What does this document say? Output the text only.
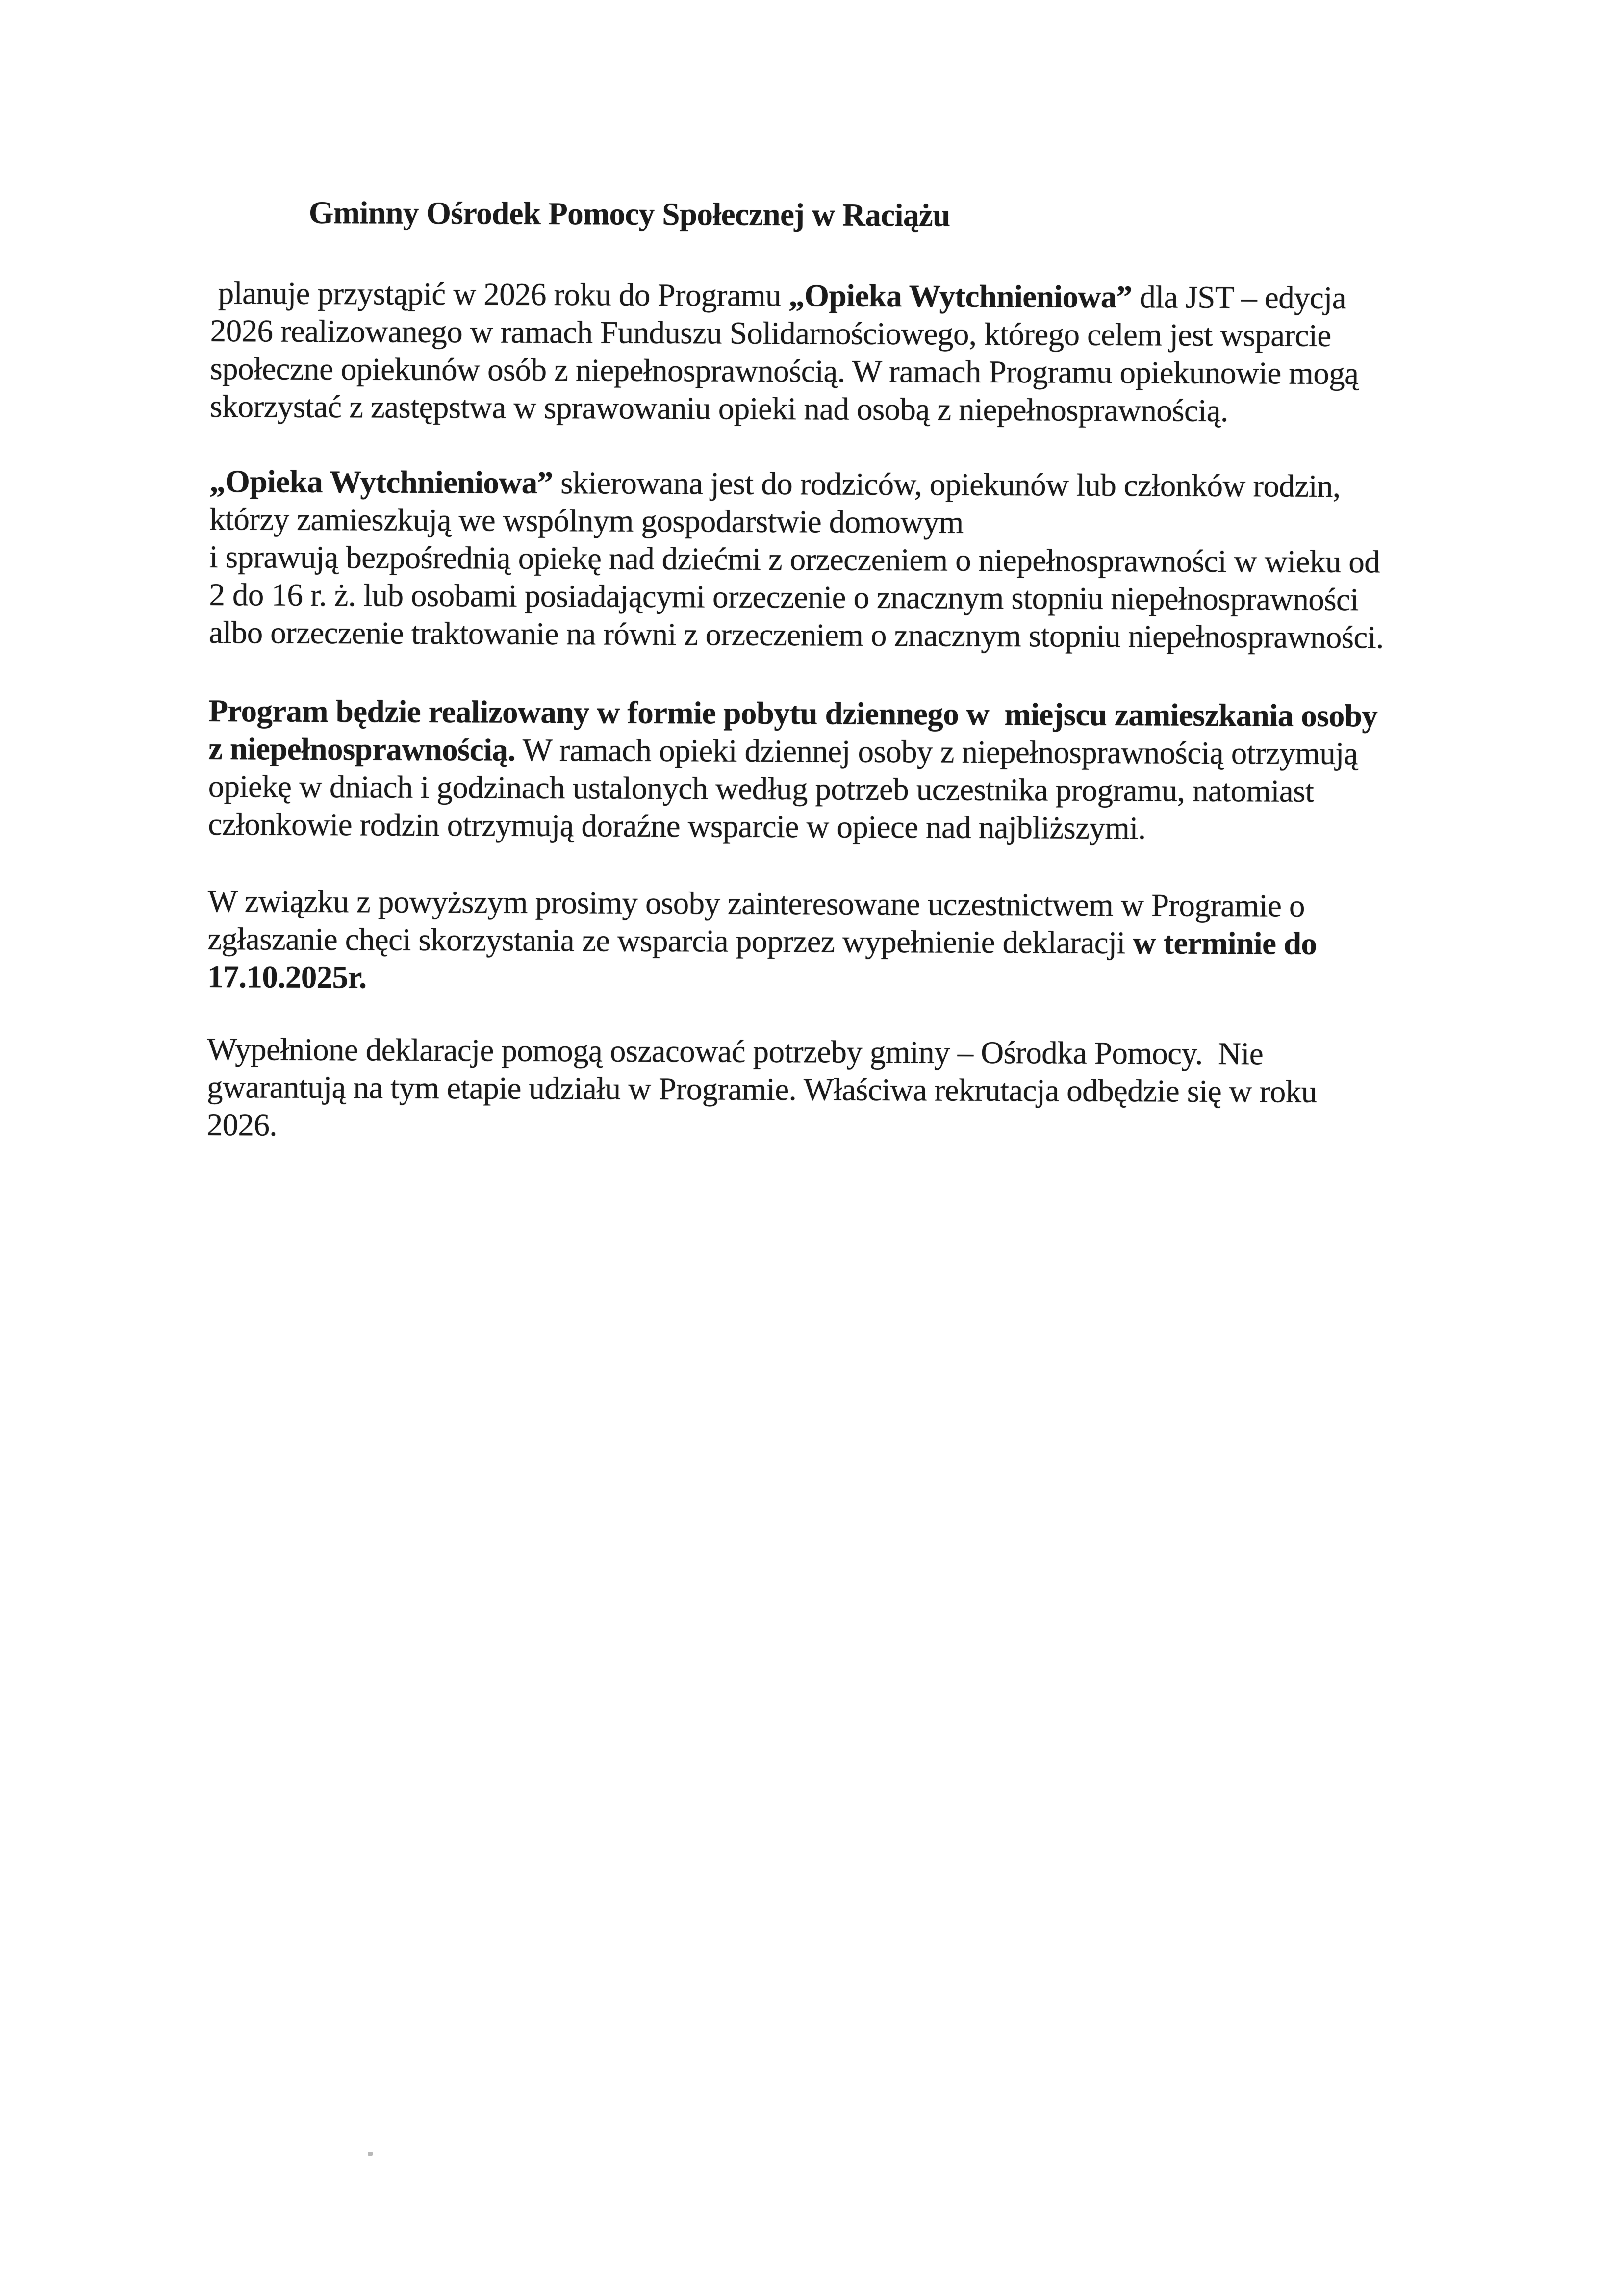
Gminny Ośrodek Pomocy Społecznej w Raciążu
planuje przystąpić w 2026 roku do Programu „Opieka Wytchnieniowa” dla JST – edycja
2026 realizowanego w ramach Funduszu Solidarnościowego, którego celem jest wsparcie
społeczne opiekunów osób z niepełnosprawnością. W ramach Programu opiekunowie mogą
skorzystać z zastępstwa w sprawowaniu opieki nad osobą z niepełnosprawnością.
„Opieka Wytchnieniowa” skierowana jest do rodziców, opiekunów lub członków rodzin,
którzy zamieszkują we wspólnym gospodarstwie domowym
i sprawują bezpośrednią opiekę nad dziećmi z orzeczeniem o niepełnosprawności w wieku od
2 do 16 r. ż. lub osobami posiadającymi orzeczenie o znacznym stopniu niepełnosprawności
albo orzeczenie traktowanie na równi z orzeczeniem o znacznym stopniu niepełnosprawności.
Program będzie realizowany w formie pobytu dziennego w  miejscu zamieszkania osoby
z niepełnosprawnością. W ramach opieki dziennej osoby z niepełnosprawnością otrzymują
opiekę w dniach i godzinach ustalonych według potrzeb uczestnika programu, natomiast
członkowie rodzin otrzymują doraźne wsparcie w opiece nad najbliższymi.
W związku z powyższym prosimy osoby zainteresowane uczestnictwem w Programie o
zgłaszanie chęci skorzystania ze wsparcia poprzez wypełnienie deklaracji w terminie do
17.10.2025r.
Wypełnione deklaracje pomogą oszacować potrzeby gminy – Ośrodka Pomocy.  Nie
gwarantują na tym etapie udziału w Programie. Właściwa rekrutacja odbędzie się w roku
2026.
